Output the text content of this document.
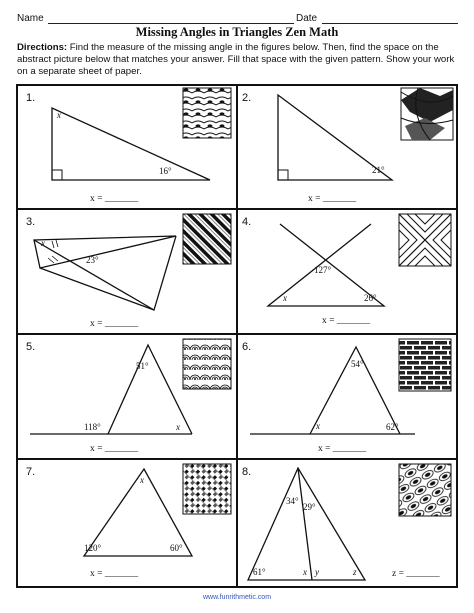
Name	Date
Missing Angles in Triangles Zen Math
Directions: Find the measure of the missing angle in the figures below. Then, find the space on the abstract picture below that matches your answer. Fill that space with the given pattern. Show your work on a separate sheet of paper.
1.	2.
3.	4.
5.	6.
7.	8.
x
16°	21°
x
23°
127°
x	26°
51°
118°	x
54°
x	62°
x
120°	60°
34°
29°
61°	x y	z
x = _______	x = _______
x = _______	x = _______
x = _______	x = _______
x = _______	z = _______
www.funrithmetic.com
